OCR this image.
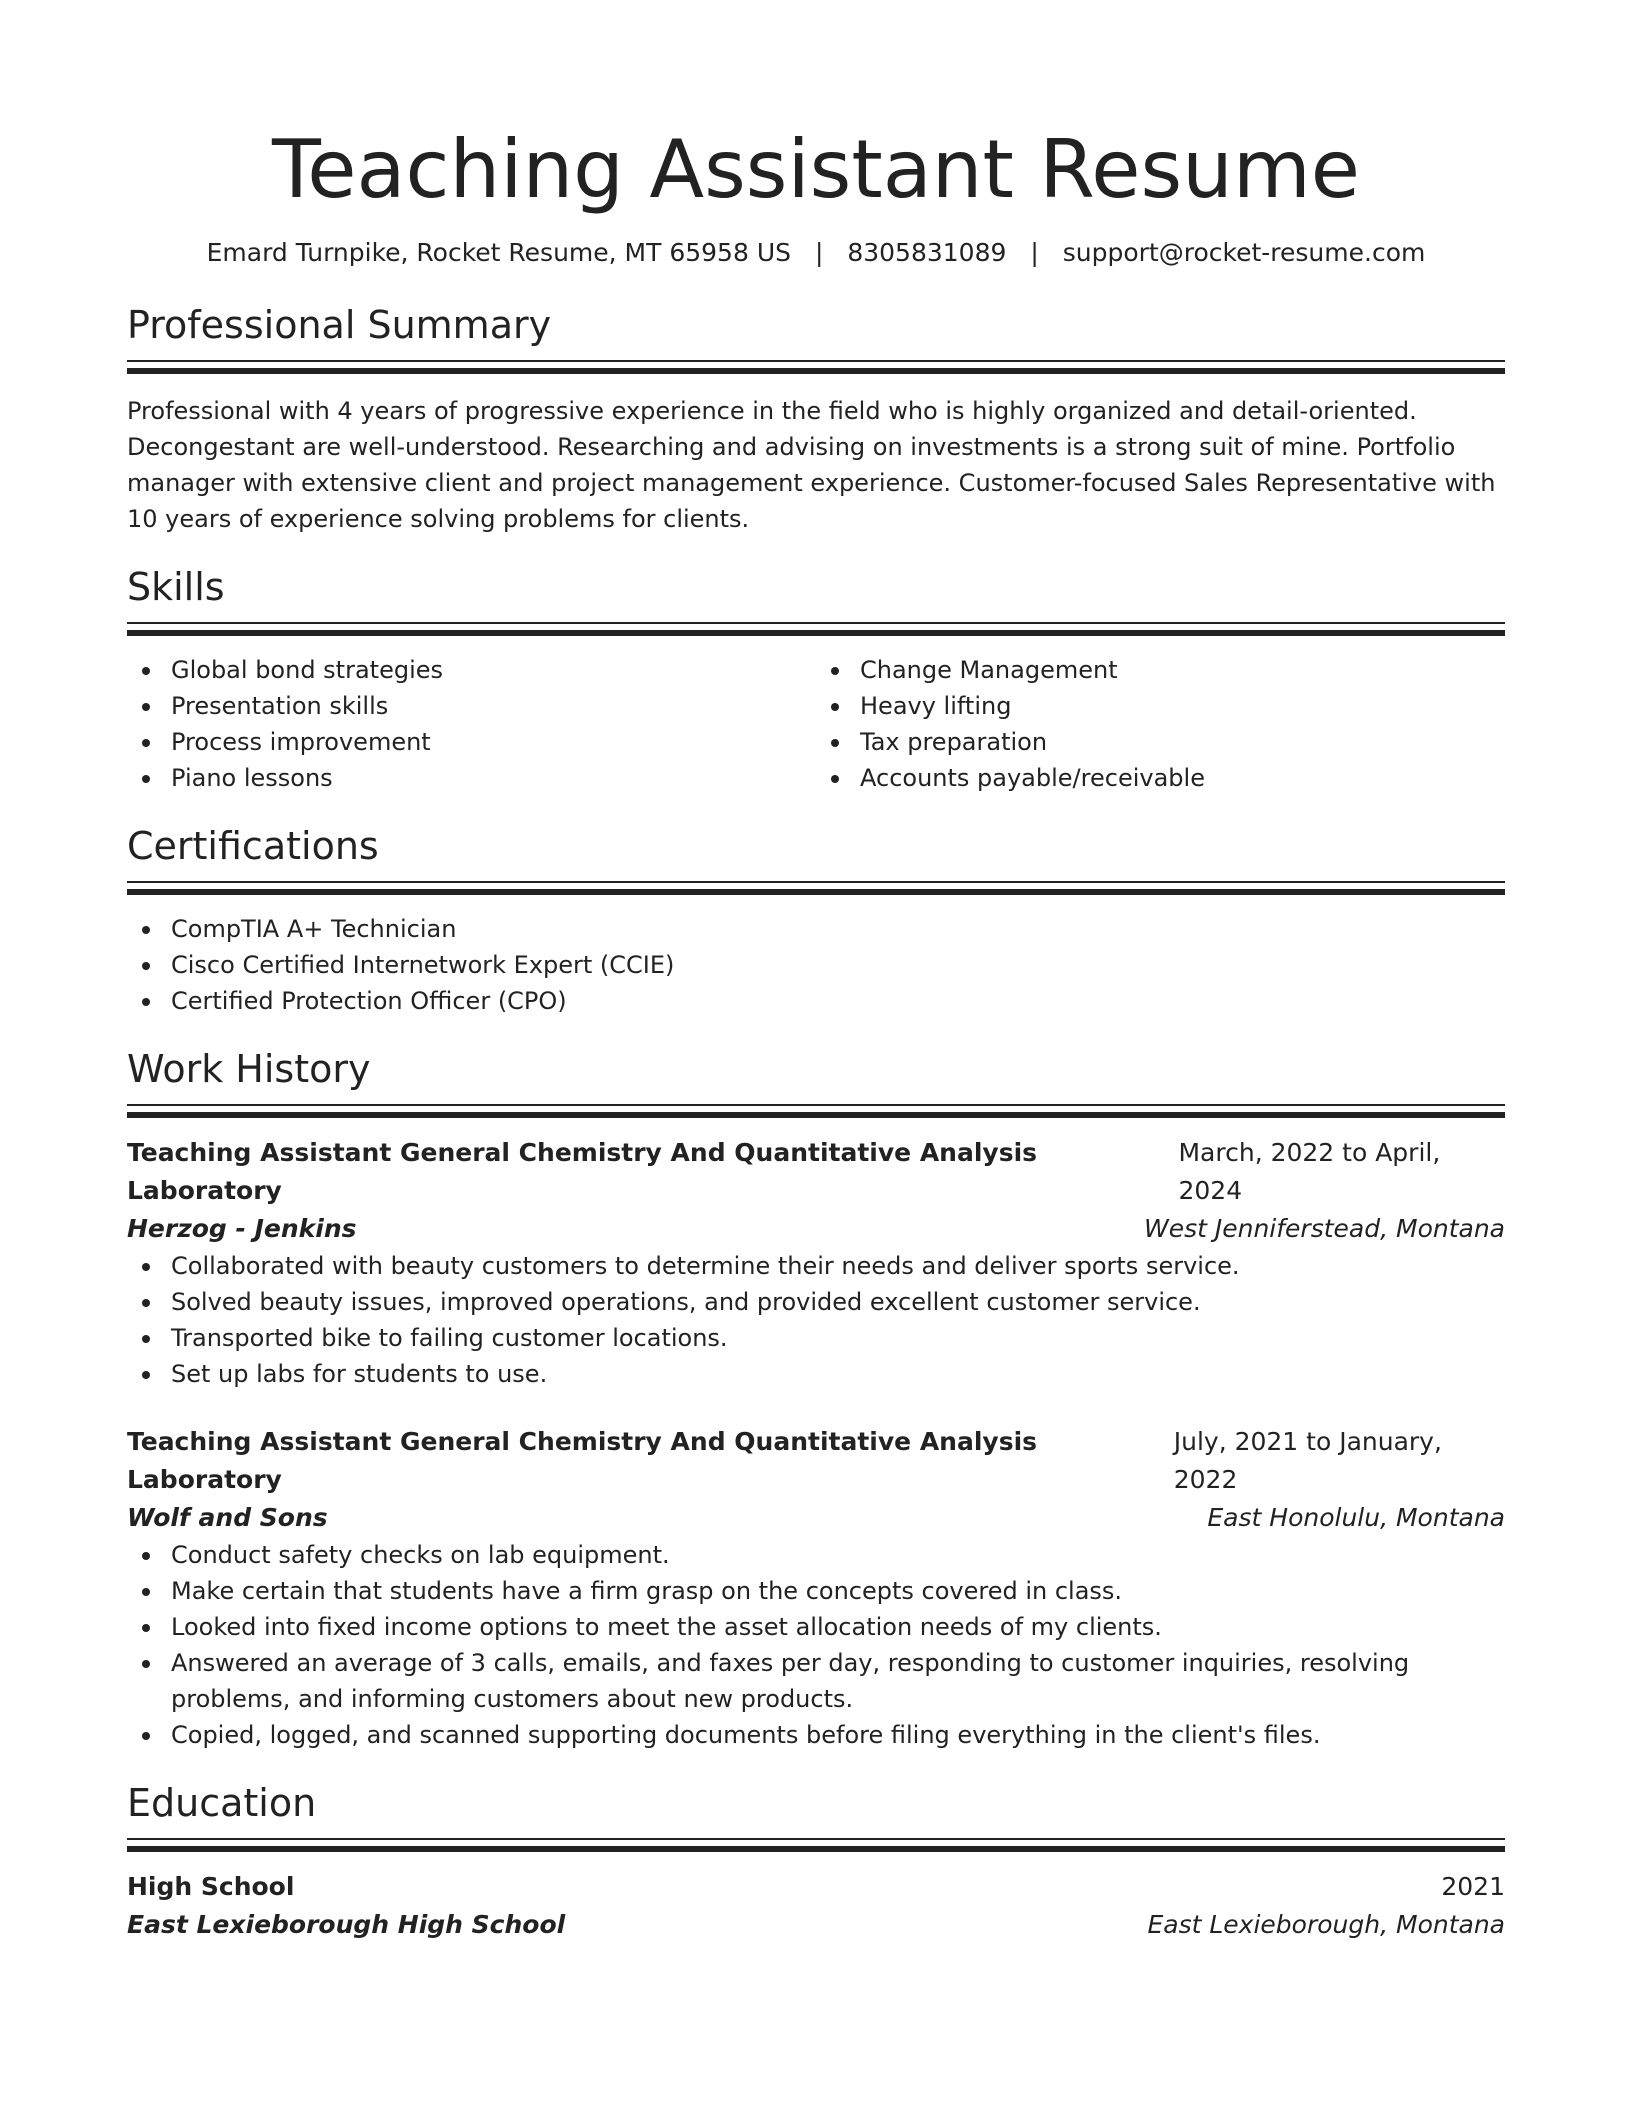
Teaching Assistant Resume
Emard Turnpike, Rocket Resume, MT 65958 US | 8305831089 | support@rocket-resume.com
Professional Summary

Professional with 4 years of progressive experience in the field who is highly organized and detail-oriented. Decongestant are well-understood. Researching and advising on investments is a strong suit of mine. Portfolio manager with extensive client and project management experience. Customer-focused Sales Representative with 10 years of experience solving problems for clients.

Skills
Global bond strategies
Presentation skills
Process improvement
Piano lessons
Change Management
Heavy lifting
Tax preparation
Accounts payable/receivable
Certifications
CompTIA A+ Technician
Cisco Certified Internetwork Expert (CCIE)
Certified Protection Officer (CPO)
Work History
Teaching Assistant General Chemistry And Quantitative Analysis Laboratory
March, 2022 to April, 2024
Herzog - Jenkins	West Jenniferstead, Montana
Collaborated with beauty customers to determine their needs and deliver sports service.
Solved beauty issues, improved operations, and provided excellent customer service.
Transported bike to failing customer locations.
Set up labs for students to use.
Teaching Assistant General Chemistry And Quantitative Analysis Laboratory
July, 2021 to January, 2022
Wolf and Sons	East Honolulu, Montana
Conduct safety checks on lab equipment.
Make certain that students have a firm grasp on the concepts covered in class.
Looked into fixed income options to meet the asset allocation needs of my clients.
Answered an average of 3 calls, emails, and faxes per day, responding to customer inquiries, resolving problems, and informing customers about new products.
Copied, logged, and scanned supporting documents before filing everything in the client's files.
Education
High School	2021
East Lexieborough High School	East Lexieborough, Montana
